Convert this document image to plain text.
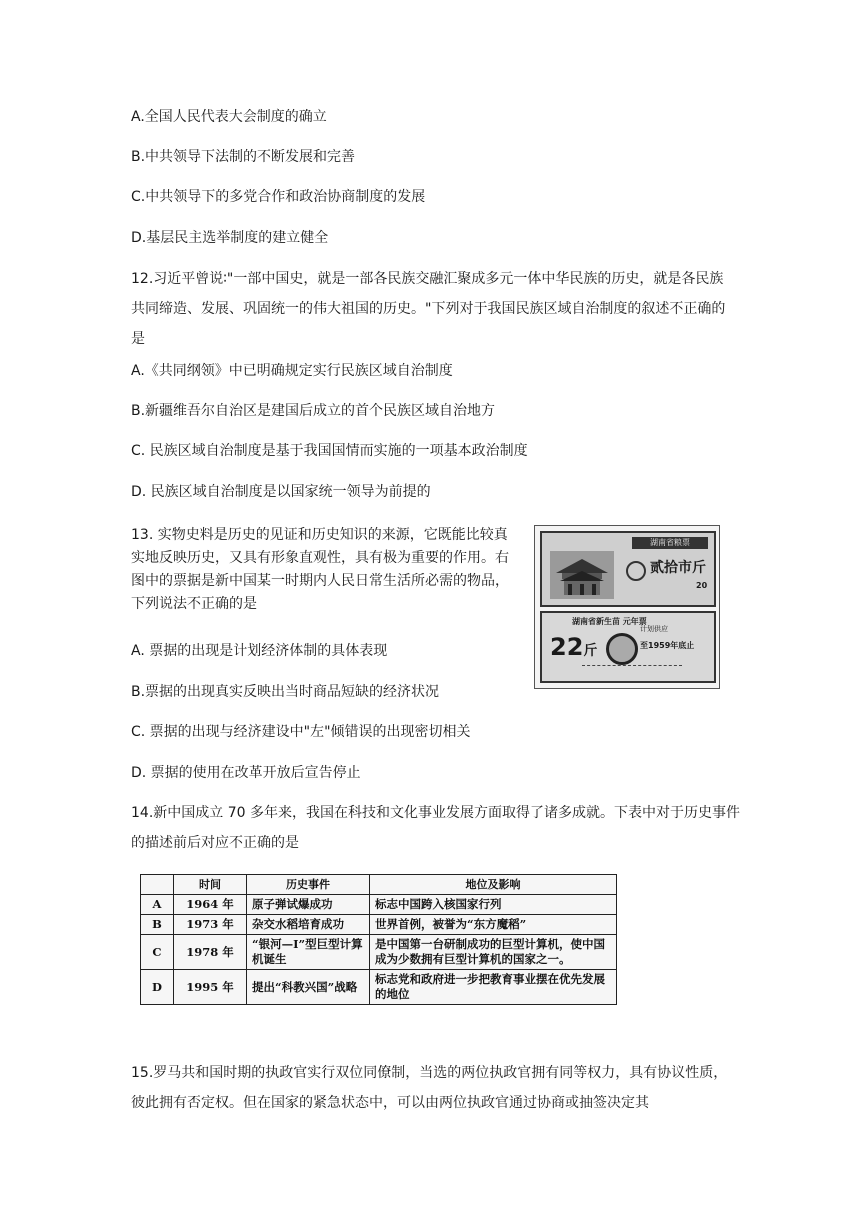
A.全国人民代表大会制度的确立
B.中共领导下法制的不断发展和完善
C.中共领导下的多党合作和政治协商制度的发展
D.基层民主选举制度的建立健全
12.习近平曾说∶"一部中国史，就是一部各民族交融汇聚成多元一体中华民族的历史，就是各民族共同缔造、发展、巩固统一的伟大祖国的历史。"下列对于我国民族区域自治制度的叙述不正确的是
A.《共同纲领》中已明确规定实行民族区域自治制度
B.新疆维吾尔自治区是建国后成立的首个民族区域自治地方
C. 民族区域自治制度是基于我国国情而实施的一项基本政治制度
D. 民族区域自治制度是以国家统一领导为前提的
13. 实物史料是历史的见证和历史知识的来源，它既能比较真实地反映历史，又具有形象直观性，具有极为重要的作用。右图中的票据是新中国某一时期内人民日常生活所必需的物品，下列说法不正确的是
湖南省粮票
贰拾市斤
20
湖南省新生苗 元年票
22斤
计划供应
至1959年底止
A. 票据的出现是计划经济体制的具体表现
B.票据的出现真实反映出当时商品短缺的经济状况
C. 票据的出现与经济建设中"左"倾错误的出现密切相关
D. 票据的使用在改革开放后宣告停止
14.新中国成立 70 多年来，我国在科技和文化事业发展方面取得了诸多成就。下表中对于历史事件的描述前后对应不正确的是
	时间	历史事件	地位及影响
A	1964 年	原子弹试爆成功	标志中国跨入核国家行列
B	1973 年	杂交水稻培育成功	世界首例，被誉为“东方魔稻”
C	1978 年	“银河—Ⅰ”型巨型计算机诞生	是中国第一台研制成功的巨型计算机，使中国成为少数拥有巨型计算机的国家之一。
D	1995 年	提出“科教兴国”战略	标志党和政府进一步把教育事业摆在优先发展的地位
15.罗马共和国时期的执政官实行双位同僚制，当选的两位执政官拥有同等权力，具有协议性质，彼此拥有否定权。但在国家的紧急状态中，可以由两位执政官通过协商或抽签决定其
